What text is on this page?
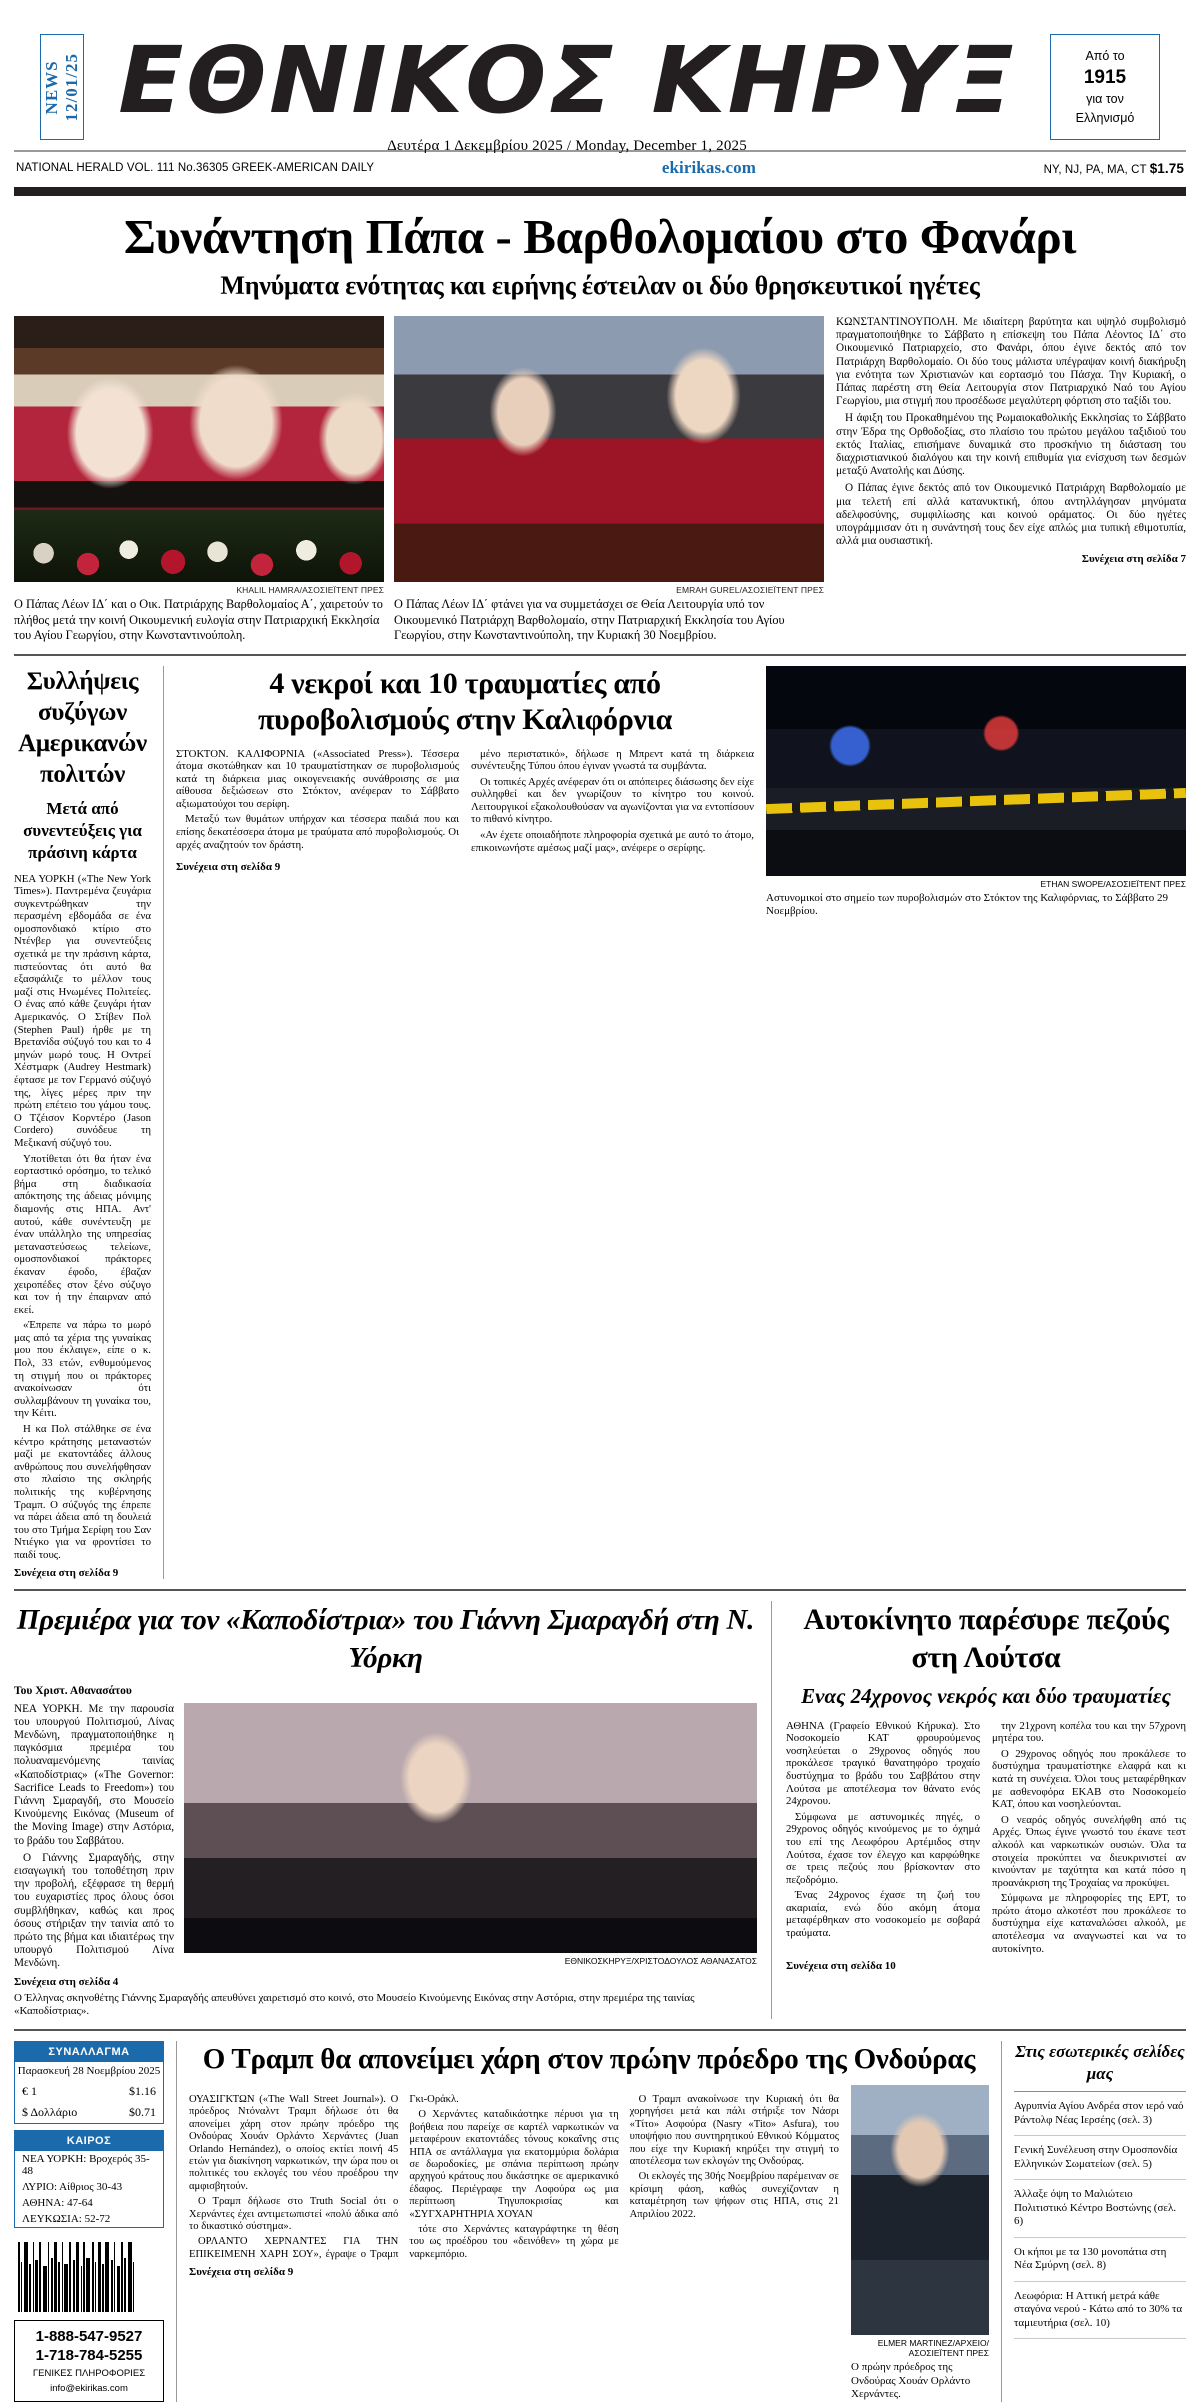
NEWS
12/01/25 ΕΘΝΙΚΟΣ ΚΗΡΥΞ
Δευτέρα 1 Δεκεμβρίου 2025 / Monday, December 1, 2025
Από το
1915
για τον
Ελληνισμό
NATIONAL HERALD VOL. 111 No.36305 GREEK-AMERICAN DAILY	ekirikas.com	NY, NJ, PA, MA, CT $1.75
Συνάντηση Πάπα - Βαρθολομαίου στο Φανάρι
Μηνύματα ενότητας και ειρήνης έστειλαν οι δύο θρησκευτικοί ηγέτες
KHALIL HAMRA/ΑΣΟΣΙΕΪΤΕΝΤ ΠΡΕΣ
Ο Πάπας Λέων ΙΔ΄ και ο Οικ. Πατριάρχης Βαρθολομαίος Α΄, χαιρετούν το πλήθος μετά την κοινή Οικουμενική ευλογία στην Πατριαρχική Εκκλησία του Αγίου Γεωργίου, στην Κωνσταντινούπολη.
EMRAH GUREL/ΑΣΟΣΙΕΪΤΕΝΤ ΠΡΕΣ
Ο Πάπας Λέων ΙΔ΄ φτάνει για να συμμετάσχει σε Θεία Λειτουργία υπό τον Οικουμενικό Πατριάρχη Βαρθολομαίο, στην Πατριαρχική Εκκλησία του Αγίου Γεωργίου, στην Κωνσταντινούπολη, την Κυριακή 30 Νοεμβρίου.

ΚΩΝΣΤΑΝΤΙΝΟΥΠΟΛΗ. Με ιδιαίτερη βαρύτητα και υψηλό συμβολισμό πραγματοποιήθηκε το Σάββατο η επίσκεψη του Πάπα Λέοντος ΙΔ΄ στο Οικουμενικό Πατριαρχείο, στο Φανάρι, όπου έγινε δεκτός από τον Πατριάρχη Βαρθολομαίο. Οι δύο τους μάλιστα υπέγραψαν κοινή διακήρυξη για ενότητα των Χριστιανών και εορτασμό του Πάσχα. Την Κυριακή, ο Πάπας παρέστη στη Θεία Λειτουργία στον Πατριαρχικό Ναό του Αγίου Γεωργίου, μια στιγμή που προσέδωσε μεγαλύτερη φόρτιση στο ταξίδι του.

Η άφιξη του Προκαθημένου της Ρωμαιοκαθολικής Εκκλησίας το Σάββατο στην Έδρα της Ορθοδοξίας, στο πλαίσιο του πρώτου μεγάλου ταξιδιού του εκτός Ιταλίας, επισήμανε δυναμικά στο προσκήνιο τη διάσταση του διαχριστιανικού διαλόγου και την κοινή επιθυμία για ενίσχυση των δεσμών μεταξύ Ανατολής και Δύσης.

Ο Πάπας έγινε δεκτός από τον Οικουμενικό Πατριάρχη Βαρθολομαίο με μια τελετή επί αλλά κατανυκτική, όπου αντηλλάγησαν μηνύματα αδελφοσύνης, συμφιλίωσης και κοινού οράματος. Οι δύο ηγέτες υπογράμμισαν ότι η συνάντησή τους δεν είχε απλώς μια τυπική εθιμοτυπία, αλλά μια ουσιαστική.

Συνέχεια στη σελίδα 7
Συλλήψεις συζύγων Αμερικανών πολιτών
Μετά από συνεντεύξεις για πράσινη κάρτα

ΝΕΑ ΥΟΡΚΗ («The New York Times»). Παντρεμένα ζευγάρια συγκεντρώθηκαν την περασμένη εβδομάδα σε ένα ομοσπονδιακό κτίριο στο Ντένβερ για συνεντεύξεις σχετικά με την πράσινη κάρτα, πιστεύοντας ότι αυτό θα εξασφάλιζε το μέλλον τους μαζί στις Ηνωμένες Πολιτείες. Ο ένας από κάθε ζευγάρι ήταν Αμερικανός. Ο Στίβεν Πολ (Stephen Paul) ήρθε με τη Βρετανίδα σύζυγό του και το 4 μηνών μωρό τους. Η Οντρεί Χέστμαρκ (Audrey Hestmark) έφτασε με τον Γερμανό σύζυγό της, λίγες μέρες πριν την πρώτη επέτειο του γάμου τους. Ο Τζέισον Κορντέρο (Jason Cordero) συνόδευε τη Μεξικανή σύζυγό του.

Υποτίθεται ότι θα ήταν ένα εορταστικό ορόσημο, το τελικό βήμα στη διαδικασία απόκτησης της άδειας μόνιμης διαμονής στις ΗΠΑ. Αντ' αυτού, κάθε συνέντευξη με έναν υπάλληλο της υπηρεσίας μεταναστεύσεως τελείωνε, ομοσπονδιακοί πράκτορες έκαναν έφοδο, έβαζαν χειροπέδες στον ξένο σύζυγο και τον ή την έπαιρναν από εκεί.

«Έπρεπε να πάρω το μωρό μας από τα χέρια της γυναίκας μου που έκλαιγε», είπε ο κ. Πολ, 33 ετών, ενθυμούμενος τη στιγμή που οι πράκτορες ανακοίνωσαν ότι συλλαμβάνουν τη γυναίκα του, την Κέιτι.

Η κα Πολ στάλθηκε σε ένα κέντρο κράτησης μεταναστών μαζί με εκατοντάδες άλλους ανθρώπους που συνελήφθησαν στο πλαίσιο της σκληρής πολιτικής της κυβέρνησης Τραμπ. Ο σύζυγός της έπρεπε να πάρει άδεια από τη δουλειά του στο Τμήμα Σερίφη του Σαν Ντιέγκο για να φροντίσει το παιδί τους.

Συνέχεια στη σελίδα 9
4 νεκροί και 10 τραυματίες από πυροβολισμούς στην Καλιφόρνια

ΣΤΟΚΤΟΝ. ΚΑΛΙΦΟΡΝΙΑ («Associated Press»). Τέσσερα άτομα σκοτώθηκαν και 10 τραυματίστηκαν σε πυροβολισμούς κατά τη διάρκεια μιας οικογενειακής συνάθροισης σε μια αίθουσα δεξιώσεων στο Στόκτον, ανέφεραν το Σάββατο αξιωματούχοι του σερίφη.

Μεταξύ των θυμάτων υπήρχαν και τέσσερα παιδιά που και επίσης δεκατέσσερα άτομα με τραύματα από πυροβολισμούς. Οι αρχές αναζητούν τον δράστη.

μένο περιστατικό», δήλωσε η Μπρεντ κατά τη διάρκεια συνέντευξης Τύπου όπου έγιναν γνωστά τα συμβάντα.

Οι τοπικές Αρχές ανέφεραν ότι οι απόπειρες διάσωσης δεν είχε συλληφθεί και δεν γνωρίζουν το κίνητρο του κοινού. Λειτουργικοί εξακολουθούσαν να αγωνίζονται για να εντοπίσουν το πιθανό κίνητρο.

«Αν έχετε οποιαδήποτε πληροφορία σχετικά με αυτό το άτομο, επικοινωνήστε αμέσως μαζί μας», ανέφερε ο σερίφης.

Συνέχεια στη σελίδα 9
ETHAN SWOPE/ΑΣΟΣΙΕΪΤΕΝΤ ΠΡΕΣ
Αστυνομικοί στο σημείο των πυροβολισμών στο Στόκτον της Καλιφόρνιας, το Σάββατο 29 Νοεμβρίου.
Πρεμιέρα για τον «Καποδίστρια» του Γιάννη Σμαραγδή στη Ν. Υόρκη
Του Χριστ. Αθανασάτου

ΝΕΑ ΥΟΡΚΗ. Με την παρουσία του υπουργού Πολιτισμού, Λίνας Μενδώνη, πραγματοποιήθηκε η παγκόσμια πρεμιέρα του πολυαναμενόμενης ταινίας «Καποδίστριας» («The Governor: Sacrifice Leads to Freedom») του Γιάννη Σμαραγδή, στο Μουσείο Κινούμενης Εικόνας (Museum of the Moving Image) στην Αστόρια, το βράδυ του Σαββάτου.

Ο Γιάννης Σμαραγδής, στην εισαγωγική του τοποθέτηση πριν την προβολή, εξέφρασε τη θερμή του ευχαριστίες προς όλους όσοι συμβλήθηκαν, καθώς και προς όσους στήριξαν την ταινία από το πρώτο της βήμα και ιδιαιτέρως την υπουργό Πολιτισμού Λίνα Μενδώνη.

Συνέχεια στη σελίδα 4
ΕΘΝΙΚΟΣΚΗΡΥΞ/ΧΡΙΣΤΟΔΟΥΛΟΣ ΑΘΑΝΑΣΑΤΟΣ
Ο Έλληνας σκηνοθέτης Γιάννης Σμαραγδής απευθύνει χαιρετισμό στο κοινό, στο Μουσείο Κινούμενης Εικόνας στην Αστόρια, στην πρεμιέρα της ταινίας «Καποδίστριας».
Αυτοκίνητο παρέσυρε πεζούς στη Λούτσα
Ενας 24χρονος νεκρός και δύο τραυματίες

ΑΘΗΝΑ (Γραφείο Εθνικού Κήρυκα). Στο Νοσοκομείο ΚΑΤ φρουρούμενος νοσηλεύεται ο 29χρονος οδηγός που προκάλεσε τραγικό θανατηφόρο τροχαίο δυστύχημα το βράδυ του Σαββάτου στην Λούτσα με αποτέλεσμα τον θάνατο ενός 24χρονου.

Σύμφωνα με αστυνομικές πηγές, ο 29χρονος οδηγός κινούμενος με το όχημά του επί της Λεωφόρου Αρτέμιδος στην Λούτσα, έχασε τον έλεγχο και καρφώθηκε σε τρεις πεζούς που βρίσκονταν στο πεζοδρόμιο.

Ένας 24χρονος έχασε τη ζωή του ακαριαία, ενώ δύο ακόμη άτομα μεταφέρθηκαν στο νοσοκομείο με σοβαρά τραύματα.

την 21χρονη κοπέλα του και την 57χρονη μητέρα του.

Ο 29χρονος οδηγός που προκάλεσε το δυστύχημα τραυματίστηκε ελαφρά και κι κατά τη συνέχεια. Όλοι τους μεταφέρθηκαν με ασθενοφόρα ΕΚΑΒ στο Νοσοκομείο ΚΑΤ, όπου και νοσηλεύονται.

Ο νεαρός οδηγός συνελήφθη από τις Αρχές. Όπως έγινε γνωστό του έκανε τεστ αλκοόλ και ναρκωτικών ουσιών. Όλα τα στοιχεία προκύπτει να διευκρινιστεί αν κινούνταν με ταχύτητα και κατά πόσο η προανάκριση της Τροχαίας να προκύψει.

Σύμφωνα με πληροφορίες της ΕΡΤ, το πρώτο άτομο αλκοτέστ που προκάλεσε το δυστύχημα είχε καταναλώσει αλκοόλ, με αποτέλεσμα να αναγνωστεί και να το αυτοκίνητο.

Συνέχεια στη σελίδα 10
ΣΥΝΑΛΛΑΓΜΑ
Παρασκευή 28 Νοεμβρίου 2025
€ 1	$1.16
$ Δολλάριο	$0.71
ΚΑΙΡΟΣ
ΝΕΑ ΥΟΡΚΗ: Βροχερός 35-48
ΛΥΡΙΟ: Αίθριος 30-43
ΑΘΗΝΑ: 47-64
ΛΕΥΚΩΣΙΑ: 52-72
1-888-547-9527
1-718-784-5255
ΓΕΝΙΚΕΣ ΠΛΗΡΟΦΟΡΙΕΣ
info@ekirikas.com
Ο Τραμπ θα απονείμει χάρη στον πρώην πρόεδρο της Ονδούρας

ΟΥΑΣΙΓΚΤΩΝ («The Wall Street Journal»). Ο πρόεδρος Ντόναλντ Τραμπ δήλωσε ότι θα απονείμει χάρη στον πρώην πρόεδρο της Ονδούρας Χουάν Ορλάντο Χερνάντες (Juan Orlando Hernández), ο οποίος εκτίει ποινή 45 ετών για διακίνηση ναρκωτικών, την ώρα που οι πολιτικές του εκλογές του νέου προέδρου την αμφισβητούν.

Ο Τραμπ δήλωσε στο Truth Social ότι ο Χερνάντες έχει αντιμετωπιστεί «πολύ άδικα από το δικαστικό σύστημα».

ΟΡΛΑΝΤΟ ΧΕΡΝΑΝΤΕΣ ΓΙΑ ΤΗΝ ΕΠΙΚΕΙΜΕΝΗ ΧΑΡΗ ΣΟΥ», έγραψε ο Τραμπ Γκι-Οράκλ.

Ο Χερνάντες καταδικάστηκε πέρυσι για τη βοήθεια που παρείχε σε καρτέλ ναρκωτικών να μεταφέρουν εκατοντάδες τόνους κοκαΐνης στις ΗΠΑ σε αντάλλαγμα για εκατομμύρια δολάρια σε δωροδοκίες, με σπάνια περίπτωση πρώην αρχηγού κράτους που δικάστηκε σε αμερικανικό έδαφος. Περιέγραφε την Λοφούρα ως μια περίπτωση Τηγυποκρισίας και «ΣΥΓΧΑΡΗΤΗΡΙΑ ΧΟΥΑΝ

τότε στο Χερνάντες καταγράφτηκε τη θέση του ως προέδρου του «δεινόθεν» τη χώρα με ναρκεμπόριο.

Ο Τραμπ ανακοίνωσε την Κυριακή ότι θα χορηγήσει μετά και πάλι στήριξε τον Νάσρι «Τίτο» Ασφούρα (Nasry «Tito» Asfura), του υποψήφιο που συντηρητικού Εθνικού Κόμματος που είχε την Κυριακή κηρύξει την στιγμή το αποτέλεσμα των εκλογών της Ονδούρας.

Οι εκλογές της 30ής Νοεμβρίου παρέμειναν σε κρίσιμη φάση, καθώς συνεχίζονταν η καταμέτρηση των ψήφων στις ΗΠΑ, στις 21 Απριλίου 2022.

Συνέχεια στη σελίδα 9
ELMER MARTINEZ/ΑΡΧΕΙΟ/ΑΣΟΣΙΕΪΤΕΝΤ ΠΡΕΣ
Ο πρώην πρόεδρος της Ονδούρας Χουάν Ορλάντο Χερνάντες.
Στις εσωτερικές σελίδες μας
Αγρυπνία Αγίου Ανδρέα στον ιερό ναό Ράντολφ Νέας Ιερσέης (σελ. 3)
Γενική Συνέλευση στην Ομοσπονδία Ελληνικών Σωματείων (σελ. 5)
Άλλαξε όψη το Μαλιώτειο Πολιτιστικό Κέντρο Βοστώνης (σελ. 6)
Οι κήποι με τα 130 μονοπάτια στη Νέα Σμύρνη (σελ. 8)
Λεωφόρια: Η Αττική μετρά κάθε σταγόνα νερού - Κάτω από το 30% τα ταμιευτήρια (σελ. 10)
